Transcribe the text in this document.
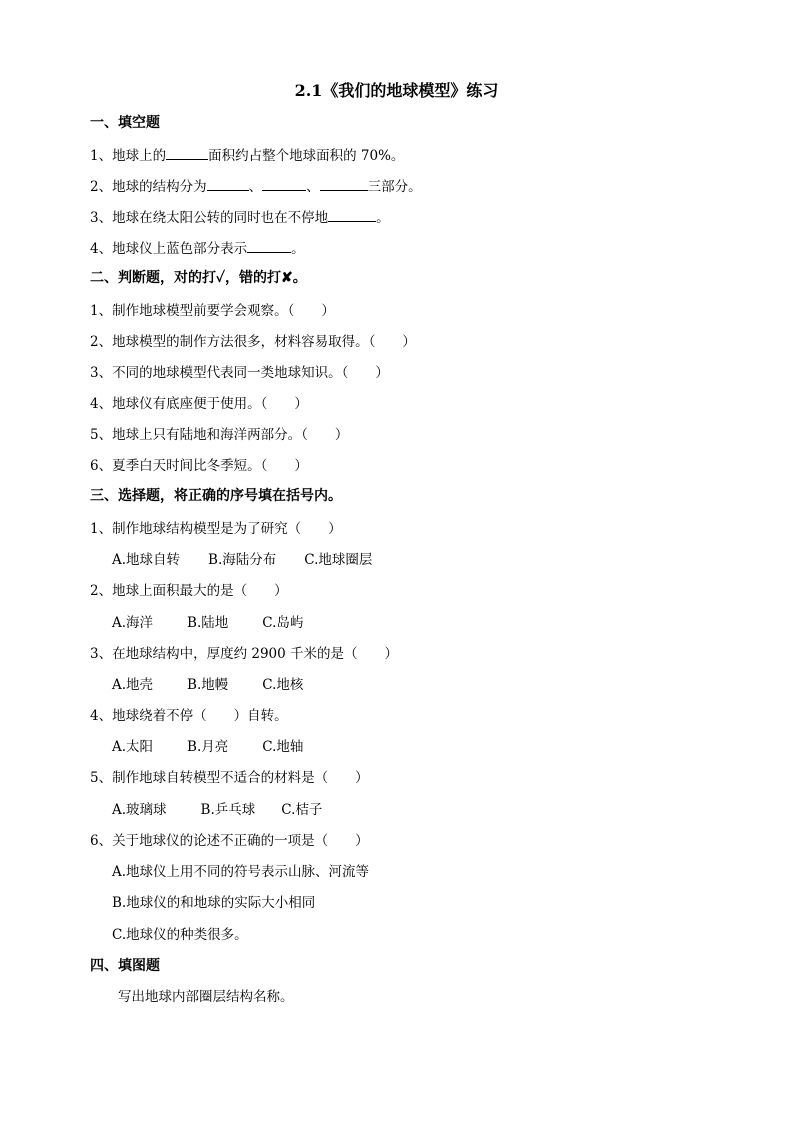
2.1《我们的地球模型》练习
一、填空题
1、地球上的	面积约占整个地球面积的 70%。
2、地球的结构分为	、	、	三部分。
3、地球在绕太阳公转的同时也在不停地	。
4、地球仪上蓝色部分表示	。
二、判断题，对的打✓，错的打✘。
1、制作地球模型前要学会观察。（　　）
2、地球模型的制作方法很多，材料容易取得。（　　）
3、不同的地球模型代表同一类地球知识。（　　）
4、地球仪有底座便于使用。（　　）
5、地球上只有陆地和海洋两部分。（　　）
6、夏季白天时间比冬季短。（　　）
三、选择题，将正确的序号填在括号内。
1、制作地球结构模型是为了研究（　　）
A.地球自转 B.海陆分布 C.地球圈层
2、地球上面积最大的是（　　）
A.海洋	B.陆地	C.岛屿
3、在地球结构中，厚度约 2900 千米的是（　　）
A.地壳	B.地幔	C.地核
4、地球绕着不停（　　）自转。
A.太阳	B.月亮	C.地轴
5、制作地球自转模型不适合的材料是（　　）
A.玻璃球	B.乒乓球 C.桔子
6、关于地球仪的论述不正确的一项是（　　）
A.地球仪上用不同的符号表示山脉、河流等
B.地球仪的和地球的实际大小相同
C.地球仪的种类很多。
四、填图题
写出地球内部圈层结构名称。
